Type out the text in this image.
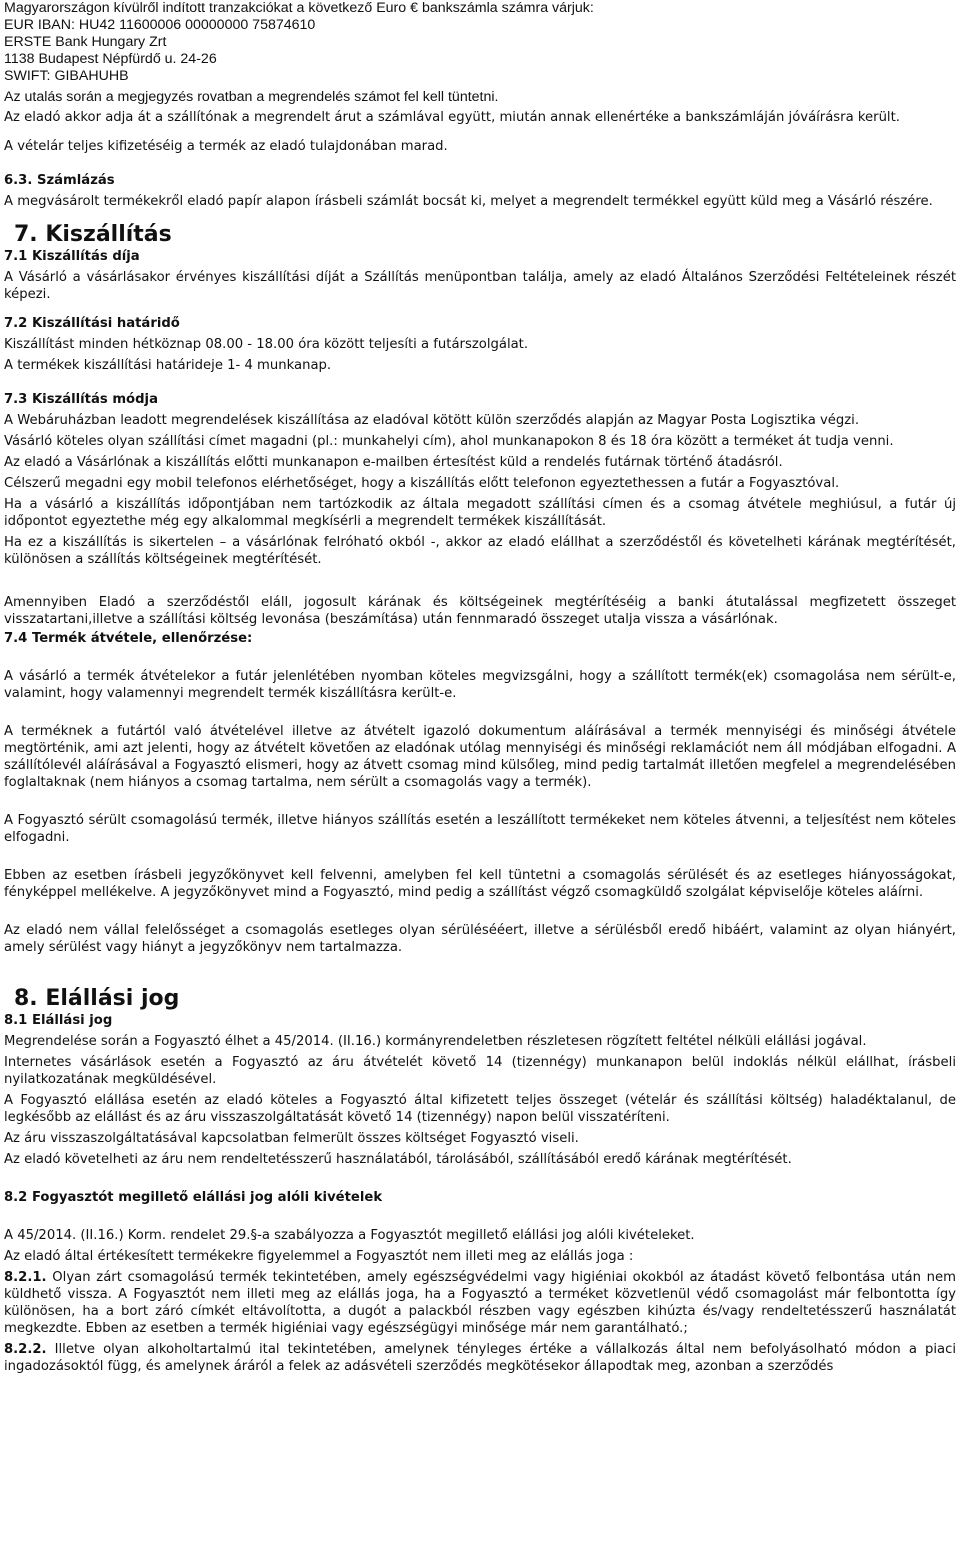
Magyarországon kívülről indított tranzakciókat a következő Euro € bankszámla számra várjuk:

EUR IBAN: HU42 11600006 00000000 75874610

ERSTE Bank Hungary Zrt

1138 Budapest Népfürdő u. 24-26

SWIFT: GIBAHUHB

Az utalás során a megjegyzés rovatban a megrendelés számot fel kell tüntetni.

Az eladó akkor adja át a szállítónak a megrendelt árut a számlával együtt, miután annak ellenértéke a bankszámláján jóváírásra került.

A vételár teljes kifizetéséig a termék az eladó tulajdonában marad.

6.3. Számlázás

A megvásárolt termékekről eladó papír alapon írásbeli számlát bocsát ki, melyet a megrendelt termékkel együtt küld meg a Vásárló részére.

7. Kiszállítás

7.1 Kiszállítás díja

A Vásárló a vásárlásakor érvényes kiszállítási díját a Szállítás menüpontban találja, amely az eladó Általános Szerződési Feltételeinek részét képezi.

7.2 Kiszállítási határidő

Kiszállítást minden hétköznap 08.00 - 18.00 óra között teljesíti a futárszolgálat.

A termékek kiszállítási határideje 1- 4 munkanap.

7.3 Kiszállítás módja

A Webáruházban leadott megrendelések kiszállítása az eladóval kötött külön szerződés alapján az Magyar Posta Logisztika végzi.

Vásárló köteles olyan szállítási címet magadni (pl.: munkahelyi cím), ahol munkanapokon 8 és 18 óra között a terméket át tudja venni.

Az eladó a Vásárlónak a kiszállítás előtti munkanapon e-mailben értesítést küld a rendelés futárnak történő átadásról.

Célszerű megadni egy mobil telefonos elérhetőséget, hogy a kiszállítás előtt telefonon egyeztethessen a futár a Fogyasztóval.

Ha a vásárló a kiszállítás időpontjában nem tartózkodik az általa megadott szállítási címen és a csomag átvétele meghiúsul, a futár új időpontot egyeztethe még egy alkalommal megkísérli a megrendelt termékek kiszállítását.

Ha ez a kiszállítás is sikertelen – a vásárlónak felróható okból -, akkor az eladó elállhat a szerződéstől és követelheti kárának megtérítését, különösen a szállítás költségeinek megtérítését.

Amennyiben Eladó a szerződéstől eláll, jogosult kárának és költségeinek megtérítéséig a banki átutalással megfizetett összeget visszatartani,illetve a szállítási költség levonása (beszámítása) után fennmaradó összeget utalja vissza a vásárlónak.

7.4 Termék átvétele, ellenőrzése:

A vásárló a termék átvételekor a futár jelenlétében nyomban köteles megvizsgálni, hogy a szállított termék(ek) csomagolása nem sérült-e, valamint, hogy valamennyi megrendelt termék kiszállításra került-e.

A terméknek a futártól való átvételével illetve az átvételt igazoló dokumentum aláírásával a termék mennyiségi és minőségi átvétele megtörténik, ami azt jelenti, hogy az átvételt követően az eladónak utólag mennyiségi és minőségi reklamációt nem áll módjában elfogadni. A szállítólevél aláírásával a Fogyasztó elismeri, hogy az átvett csomag mind külsőleg, mind pedig tartalmát illetően megfelel a megrendelésében foglaltaknak (nem hiányos a csomag tartalma, nem sérült a csomagolás vagy a termék).

A Fogyasztó sérült csomagolású termék, illetve hiányos szállítás esetén a leszállított termékeket nem köteles átvenni, a teljesítést nem köteles elfogadni.

Ebben az esetben írásbeli jegyzőkönyvet kell felvenni, amelyben fel kell tüntetni a csomagolás sérülését és az esetleges hiányosságokat, fényképpel mellékelve. A jegyzőkönyvet mind a Fogyasztó, mind pedig a szállítást végző csomagküldő szolgálat képviselője köteles aláírni.

Az eladó nem vállal felelősséget a csomagolás esetleges olyan sérülésééert, illetve a sérülésből eredő hibáért, valamint az olyan hiányért, amely sérülést vagy hiányt a jegyzőkönyv nem tartalmazza.

8. Elállási jog

8.1 Elállási jog

Megrendelése során a Fogyasztó élhet a 45/2014. (II.16.) kormányrendeletben részletesen rögzített feltétel nélküli elállási jogával.

Internetes vásárlások esetén a Fogyasztó az áru átvételét követő 14 (tizennégy) munkanapon belül indoklás nélkül elállhat, írásbeli nyilatkozatának megküldésével.

A Fogyasztó elállása esetén az eladó köteles a Fogyasztó által kifizetett teljes összeget (vételár és szállítási költség) haladéktalanul, de legkésőbb az elállást és az áru visszaszolgáltatását követő 14 (tizennégy) napon belül visszatéríteni.

Az áru visszaszolgáltatásával kapcsolatban felmerült összes költséget Fogyasztó viseli.

Az eladó követelheti az áru nem rendeltetésszerű használatából, tárolásából, szállításából eredő kárának megtérítését.

8.2 Fogyasztót megillető elállási jog alóli kivételek

A 45/2014. (II.16.) Korm. rendelet 29.§-a szabályozza a Fogyasztót megillető elállási jog alóli kivételeket.

Az eladó által értékesített termékekre figyelemmel a Fogyasztót nem illeti meg az elállás joga :

8.2.1. Olyan zárt csomagolású termék tekintetében, amely egészségvédelmi vagy higiéniai okokból az átadást követő felbontása után nem küldhető vissza. A Fogyasztót nem illeti meg az elállás joga, ha a Fogyasztó a terméket közvetlenül védő csomagolást már felbontotta így különösen, ha a bort záró címkét eltávolította, a dugót a palackból részben vagy egészben kihúzta és/vagy rendeltetésszerű használatát megkezdte. Ebben az esetben a termék higiéniai vagy egészségügyi minősége már nem garantálható.;

8.2.2. Illetve olyan alkoholtartalmú ital tekintetében, amelynek tényleges értéke a vállalkozás által nem befolyásolható módon a piaci ingadozásoktól függ, és amelynek áráról a felek az adásvételi szerződés megkötésekor állapodtak meg, azonban a szerződés
